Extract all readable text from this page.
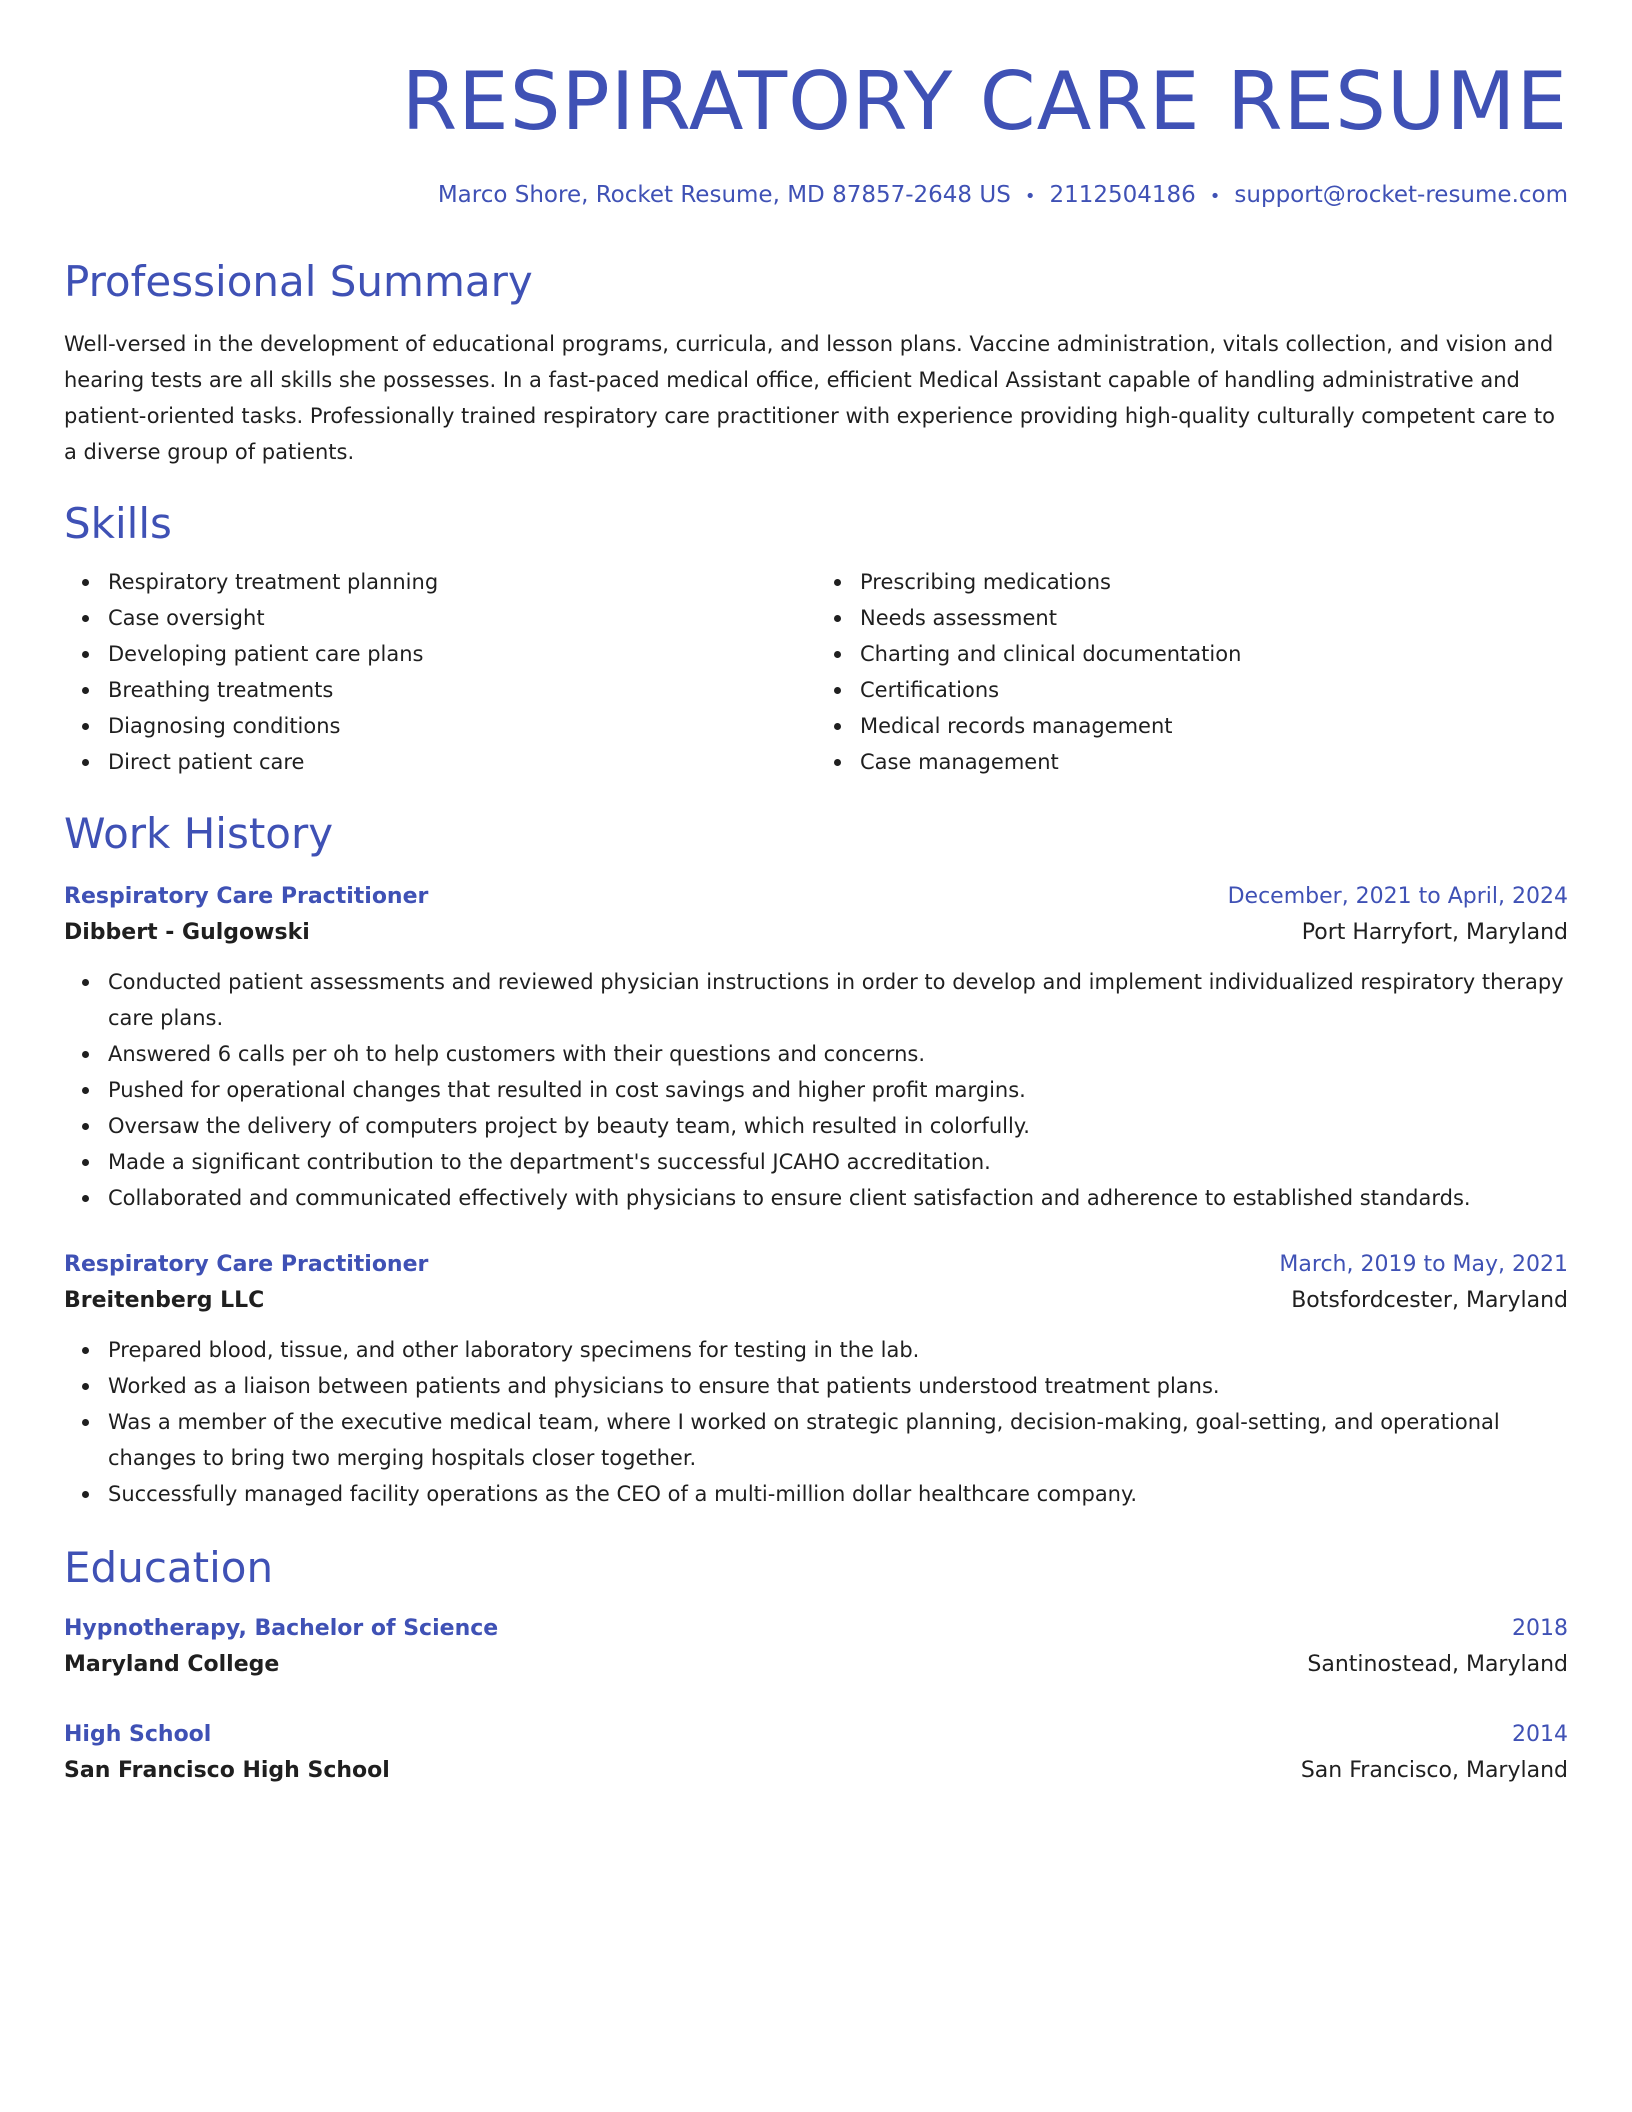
RESPIRATORY CARE RESUME
Marco Shore, Rocket Resume, MD 87857-2648 US • 2112504186 • support@rocket-resume.com
Professional Summary
Well-versed in the development of educational programs, curricula, and lesson plans. Vaccine administration, vitals collection, and vision and hearing tests are all skills she possesses. In a fast-paced medical office, efficient Medical Assistant capable of handling administrative and patient-oriented tasks. Professionally trained respiratory care practitioner with experience providing high-quality culturally competent care to a diverse group of patients.
Skills
Respiratory treatment planning
Case oversight
Developing patient care plans
Breathing treatments
Diagnosing conditions
Direct patient care
Prescribing medications
Needs assessment
Charting and clinical documentation
Certifications
Medical records management
Case management
Work History
Respiratory Care Practitioner	December, 2021 to April, 2024
Dibbert - Gulgowski	Port Harryfort, Maryland
Conducted patient assessments and reviewed physician instructions in order to develop and implement individualized respiratory therapy care plans.
Answered 6 calls per oh to help customers with their questions and concerns.
Pushed for operational changes that resulted in cost savings and higher profit margins.
Oversaw the delivery of computers project by beauty team, which resulted in colorfully.
Made a significant contribution to the department's successful JCAHO accreditation.
Collaborated and communicated effectively with physicians to ensure client satisfaction and adherence to established standards.
Respiratory Care Practitioner	March, 2019 to May, 2021
Breitenberg LLC	Botsfordcester, Maryland
Prepared blood, tissue, and other laboratory specimens for testing in the lab.
Worked as a liaison between patients and physicians to ensure that patients understood treatment plans.
Was a member of the executive medical team, where I worked on strategic planning, decision-making, goal-setting, and operational changes to bring two merging hospitals closer together.
Successfully managed facility operations as the CEO of a multi-million dollar healthcare company.
Education
Hypnotherapy, Bachelor of Science	2018
Maryland College	Santinostead, Maryland
High School	2014
San Francisco High School	San Francisco, Maryland
